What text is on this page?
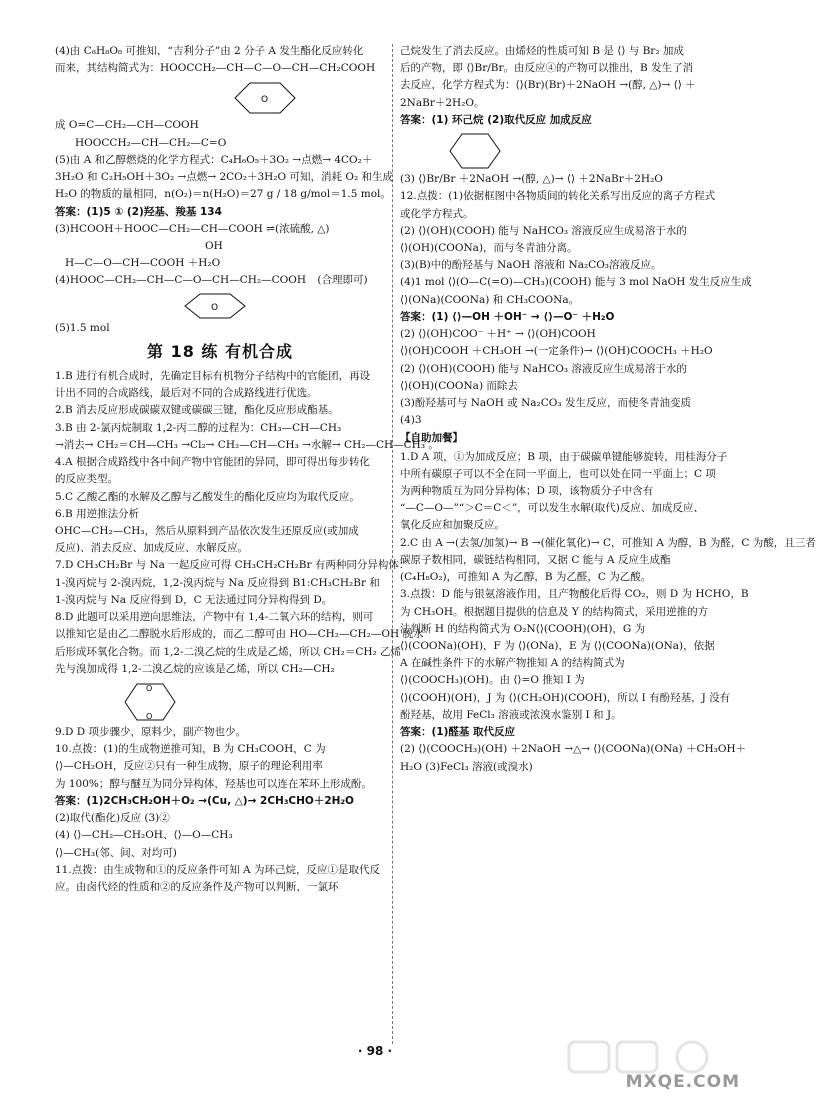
(4)由 C₈H₈O₈ 可推知，“吉利分子”由 2 分子 A 发生酯化反应转化
而来，其结构简式为：HOOCCH₂—CH—C—O—CH—CH₂COOH
O
成 O=C—CH₂—CH—COOH
HOOCCH₂—CH—CH₂—C=O
(5)由 A 和乙醇燃烧的化学方程式：C₄H₆O₅＋3O₂ →点燃→ 4CO₂＋
3H₂O 和 C₂H₅OH＋3O₂ →点燃→ 2CO₂＋3H₂O 可知，消耗 O₂ 和生成
H₂O 的物质的量相同，n(O₂)＝n(H₂O)＝27 g / 18 g/mol＝1.5 mol。
答案：(1)5 ① (2)羟基、羧基 134
(3)HCOOH＋HOOC—CH₂—CH—COOH ⇌(浓硫酸, △)
OH
H—C—O—CH—COOH ＋H₂O
(4)HOOC—CH₂—CH—C—O—CH—CH₂—COOH (合理即可)
O
(5)1.5 mol
第 18 练 有机合成
1.B 进行有机合成时，先确定目标有机物分子结构中的官能团，再设
计出不同的合成路线，最后对不同的合成路线进行优选。
2.B 消去反应形成碳碳双键或碳碳三键，酯化反应形成酯基。
3.B 由 2-氯丙烷制取 1,2-丙二醇的过程为：CH₃—CH—CH₃
→消去→ CH₂＝CH—CH₃ →Cl₂→ CH₂—CH—CH₃ →水解→ CH₂—CH—CH₃ 。
4.A 根据合成路线中各中间产物中官能团的异同，即可得出每步转化
的反应类型。
5.C 乙酸乙酯的水解及乙醇与乙酸发生的酯化反应均为取代反应。
6.B 用逆推法分析
OHC—CH₂—CH₃，然后从原料到产品依次发生还原反应(或加成
反应)、消去反应、加成反应、水解反应。
7.D CH₃CH₂Br 与 Na 一起反应可得 CH₃CH₂CH₂Br 有两种同分异构体：
1-溴丙烷与 2-溴丙烷，1,2-溴丙烷与 Na 反应得到 B1:CH₃CH₂Br 和
1-溴丙烷与 Na 反应得到 D，C 无法通过同分异构得到 D。
8.D 此题可以采用逆向思维法，产物中有 1,4-二氧六环的结构，则可
以推知它是由乙二醇脱水后形成的，而乙二醇可由 HO—CH₂—CH₂—OH 脱水
后形成环氧化合物。而 1,2-二溴乙烷的生成是乙烯，所以 CH₂＝CH₂ 乙烯
先与溴加成得 1,2-二溴乙烷的应该是乙烯，所以 CH₂—CH₂
O
O
9.D D 项步骤少，原料少，副产物也少。
10.点拨：(1)的生成物逆推可知，B 为 CH₃COOH，C 为
⟨⟩—CH₂OH，反应②只有一种生成物，原子的理论利用率
为 100%；醇与醚互为同分异构体，羟基也可以连在苯环上形成酚。
答案：(1)2CH₃CH₂OH＋O₂ →(Cu, △)→ 2CH₃CHO＋2H₂O
(2)取代(酯化)反应 (3)②
(4) ⟨⟩—CH₂—CH₂OH、⟨⟩—O—CH₃
⟨⟩—CH₃(邻、间、对均可)
11.点拨：由生成物和①的反应条件可知 A 为环己烷，反应①是取代反
应。由卤代烃的性质和②的反应条件及产物可以判断，一氯环
己烷发生了消去反应。由烯烃的性质可知 B 是 ⟨⟩ 与 Br₂ 加成
后的产物，即 ⟨⟩Br/Br。由反应④的产物可以推出，B 发生了消
去反应，化学方程式为：⟨⟩(Br)(Br)＋2NaOH →(醇, △)→ ⟨⟩ ＋
2NaBr＋2H₂O。
答案：(1) 环己烷 (2)取代反应 加成反应
(3) ⟨⟩Br/Br ＋2NaOH →(醇, △)→ ⟨⟩ ＋2NaBr＋2H₂O
12.点拨：(1)依据框图中各物质间的转化关系写出反应的离子方程式
或化学方程式。
(2) ⟨⟩(OH)(COOH) 能与 NaHCO₃ 溶液反应生成易溶于水的
⟨⟩(OH)(COONa)，而与冬青油分离。
(3)(B)中的酚羟基与 NaOH 溶液和 Na₂CO₃溶液反应。
(4)1 mol ⟨⟩(O—C(=O)—CH₃)(COOH) 能与 3 mol NaOH 发生反应生成
⟨⟩(ONa)(COONa) 和 CH₃COONa。
答案：(1) ⟨⟩—OH ＋OH⁻ → ⟨⟩—O⁻ ＋H₂O
(2) ⟨⟩(OH)COO⁻ ＋H⁺ → ⟨⟩(OH)COOH
⟨⟩(OH)COOH ＋CH₃OH →(一定条件)→ ⟨⟩(OH)COOCH₃ ＋H₂O
(2) ⟨⟩(OH)(COOH) 能与 NaHCO₃ 溶液反应生成易溶于水的
⟨⟩(OH)(COONa) 而除去
(3)酚羟基可与 NaOH 或 Na₂CO₃ 发生反应，而使冬青油变质
(4)3
【自助加餐】
1.D A 项，①为加成反应；B 项，由于碳碳单键能够旋转，用桂海分子
中所有碳原子可以不全在同一平面上，也可以处在同一平面上；C 项
为两种物质互为同分异构体；D 项，该物质分子中含有
“—C—O—”“＞C＝C＜”，可以发生水解(取代)反应、加成反应、
氧化反应和加聚反应。
2.C 由 A →(去氢/加氢)→ B →(催化氧化)→ C，可推知 A 为醇，B 为醛，C 为酸，且三者
碳原子数相同，碳链结构相同，又据 C 能与 A 反应生成酯
(C₄H₈O₂)，可推知 A 为乙醇，B 为乙醛，C 为乙酸。
3.点拨：D 能与银氨溶液作用，且产物酸化后得 CO₂，则 D 为 HCHO，B
为 CH₃OH。根据题目提供的信息及 Y 的结构简式，采用逆推的方
法判断 H 的结构简式为 O₂N⟨⟩(COOH)(OH)，G 为
⟨⟩(COONa)(OH)，F 为 ⟨⟩(ONa)，E 为 ⟨⟩(COONa)(ONa)，依据
A 在碱性条件下的水解产物推知 A 的结构简式为
⟨⟩(COOCH₃)(OH)。由 ⟨⟩=O 推知 I 为
⟨⟩(COOH)(OH)，J 为 ⟨⟩(CH₂OH)(COOH)，所以 I 有酚羟基，J 没有
酚羟基，故用 FeCl₃ 溶液或浓溴水鉴别 I 和 J。
答案：(1)醛基 取代反应
(2) ⟨⟩(COOCH₃)(OH) ＋2NaOH →△→ ⟨⟩(COONa)(ONa) ＋CH₃OH＋
H₂O (3)FeCl₃ 溶液(或溴水)
· 98 ·
MXQE.COM
